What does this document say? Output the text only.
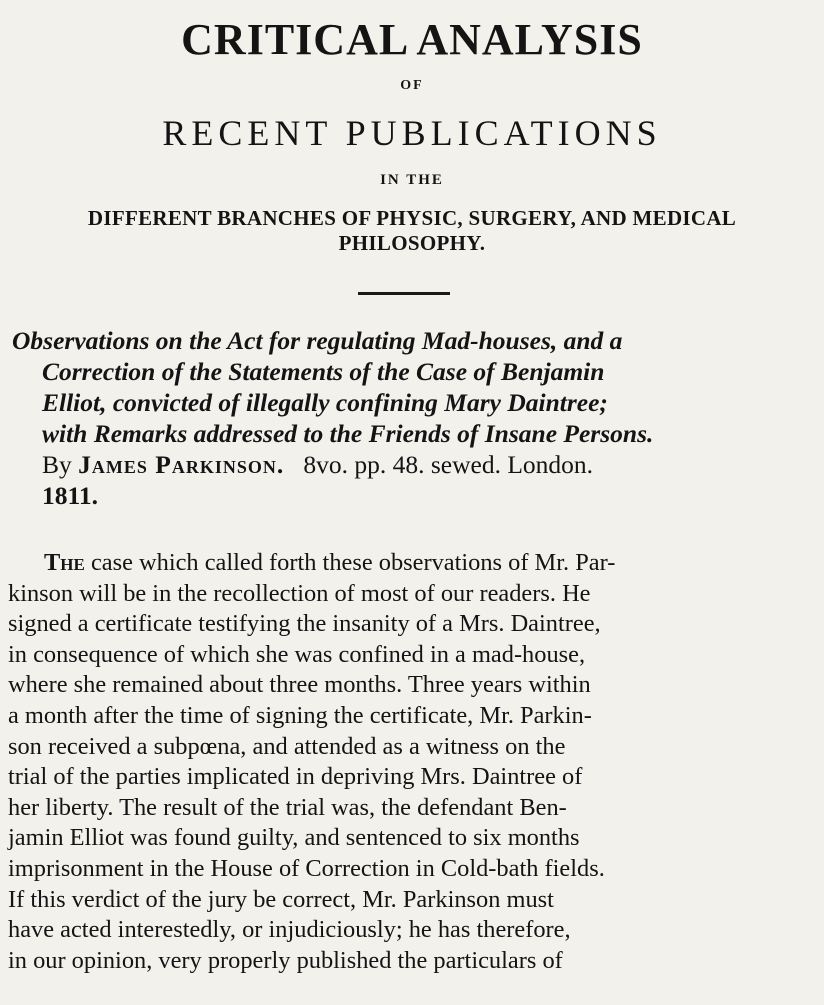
CRITICAL ANALYSIS
OF
RECENT PUBLICATIONS
IN THE
DIFFERENT BRANCHES OF PHYSIC, SURGERY, AND MEDICAL
PHILOSOPHY.
Observations on the Act for regulating Mad-houses, and a
Correction of the Statements of the Case of Benjamin
Elliot, convicted of illegally confining Mary Daintree;
with Remarks addressed to the Friends of Insane Persons.
By James Parkinson. 8vo. pp. 48. sewed. London.
1811.
The case which called forth these observations of Mr. Par-
kinson will be in the recollection of most of our readers. He
signed a certificate testifying the insanity of a Mrs. Daintree,
in consequence of which she was confined in a mad-house,
where she remained about three months. Three years within
a month after the time of signing the certificate, Mr. Parkin-
son received a subpœna, and attended as a witness on the
trial of the parties implicated in depriving Mrs. Daintree of
her liberty. The result of the trial was, the defendant Ben-
jamin Elliot was found guilty, and sentenced to six months
imprisonment in the House of Correction in Cold-bath fields.
If this verdict of the jury be correct, Mr. Parkinson must
have acted interestedly, or injudiciously; he has therefore,
in our opinion, very properly published the particulars of
